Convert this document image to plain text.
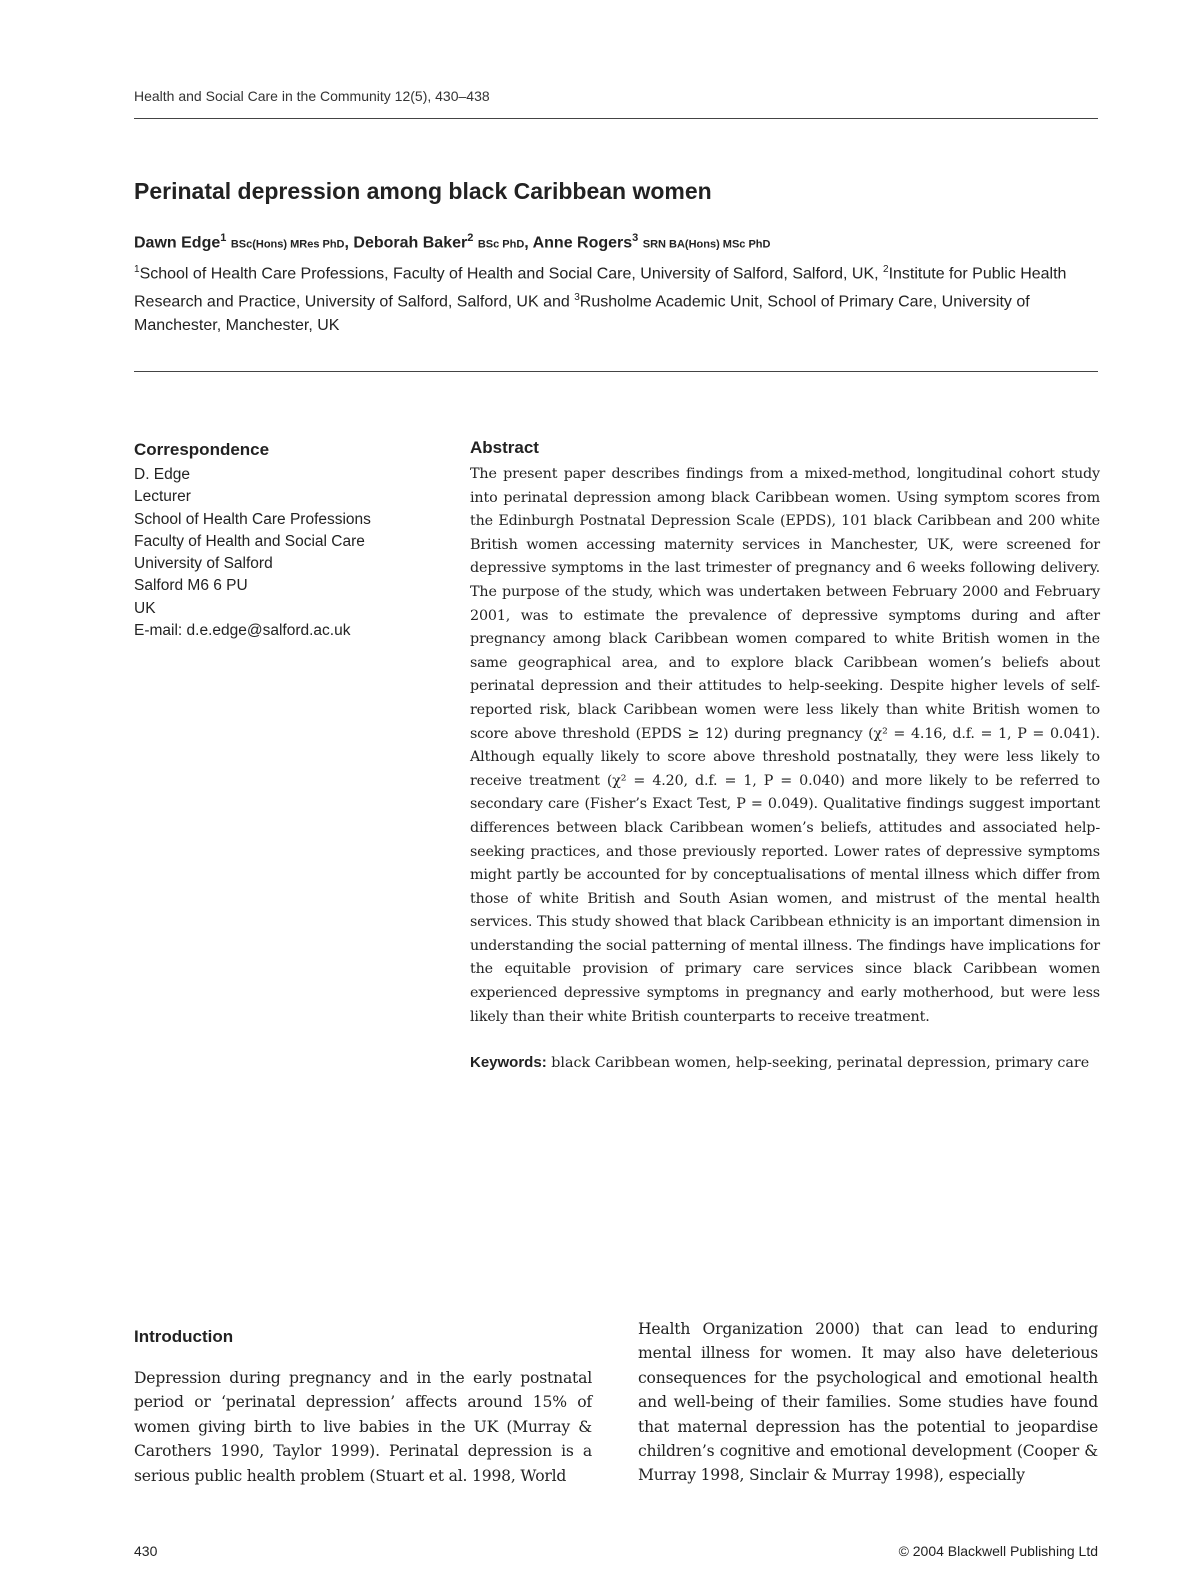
Health and Social Care in the Community 12(5), 430–438
Perinatal depression among black Caribbean women
Dawn Edge$^1$ BSc(Hons) MRes PhD, Deborah Baker$^2$ BSc PhD, Anne Rogers$^3$ SRN BA(Hons) MSc PhD
$^1$School of Health Care Professions, Faculty of Health and Social Care, University of Salford, Salford, UK, $^2$Institute for Public Health Research and Practice, University of Salford, Salford, UK and $^3$Rusholme Academic Unit, School of Primary Care, University of Manchester, Manchester, UK
Correspondence
D. Edge
Lecturer
School of Health Care Professions
Faculty of Health and Social Care
University of Salford
Salford M6 6 PU
UK
E-mail: d.e.edge@salford.ac.uk
Abstract

The present paper describes findings from a mixed-method, longitudinal cohort study into perinatal depression among black Caribbean women. Using symptom scores from the Edinburgh Postnatal Depression Scale (EPDS), 101 black Caribbean and 200 white British women accessing maternity services in Manchester, UK, were screened for depressive symptoms in the last trimester of pregnancy and 6 weeks following delivery. The purpose of the study, which was undertaken between February 2000 and February 2001, was to estimate the prevalence of depressive symptoms during and after pregnancy among black Caribbean women compared to white British women in the same geographical area, and to explore black Caribbean women’s beliefs about perinatal depression and their attitudes to help-seeking. Despite higher levels of self-reported risk, black Caribbean women were less likely than white British women to score above threshold (EPDS ≥ 12) during pregnancy (χ² = 4.16, d.f. = 1, P = 0.041). Although equally likely to score above threshold postnatally, they were less likely to receive treatment (χ² = 4.20, d.f. = 1, P = 0.040) and more likely to be referred to secondary care (Fisher’s Exact Test, P = 0.049). Qualitative findings suggest important differences between black Caribbean women’s beliefs, attitudes and associated help-seeking practices, and those previously reported. Lower rates of depressive symptoms might partly be accounted for by conceptualisations of mental illness which differ from those of white British and South Asian women, and mistrust of the mental health services. This study showed that black Caribbean ethnicity is an important dimension in understanding the social patterning of mental illness. The findings have implications for the equitable provision of primary care services since black Caribbean women experienced depressive symptoms in pregnancy and early motherhood, but were less likely than their white British counterparts to receive treatment.

Keywords: black Caribbean women, help-seeking, perinatal depression, primary care
Introduction

Depression during pregnancy and in the early postnatal period or ‘perinatal depression’ affects around 15% of women giving birth to live babies in the UK (Murray & Carothers 1990, Taylor 1999). Perinatal depression is a serious public health problem (Stuart et al. 1998, World

Health Organization 2000) that can lead to enduring mental illness for women. It may also have deleterious consequences for the psychological and emotional health and well-being of their families. Some studies have found that maternal depression has the potential to jeopardise children’s cognitive and emotional development (Cooper & Murray 1998, Sinclair & Murray 1998), especially

430	© 2004 Blackwell Publishing Ltd
